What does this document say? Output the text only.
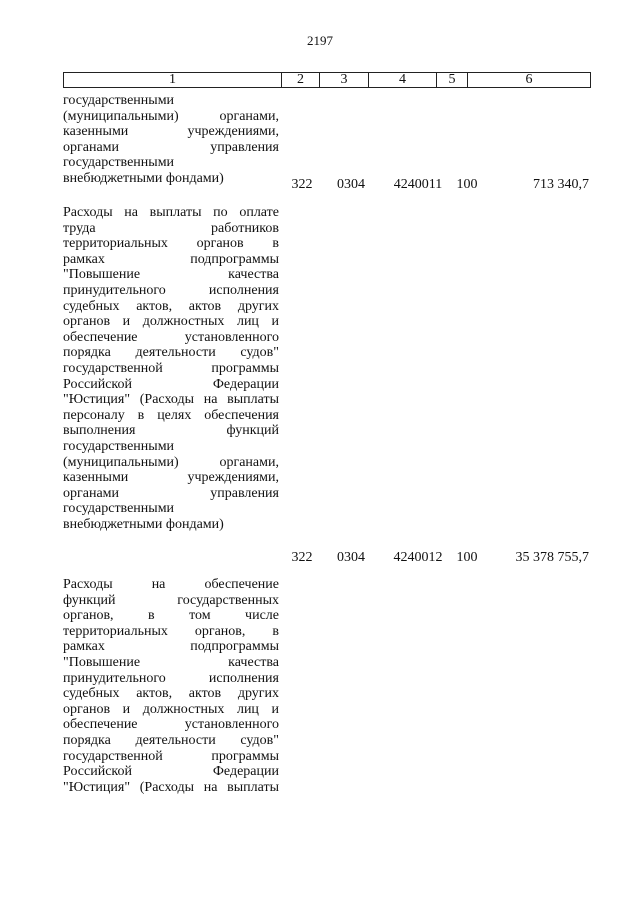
2197
1	2	3	4	5	6
государственными
(муниципальными) органами,
казенными учреждениями,
органами управления
государственными
внебюджетными фондами)	322	0304	4240011	100	713 340,7
Расходы на выплаты по оплате
труда работников
территориальных органов в
рамках подпрограммы
"Повышение качества
принудительного исполнения
судебных актов, актов других
органов и должностных лиц и
обеспечение установленного
порядка деятельности судов"
государственной программы
Российской Федерации
"Юстиция" (Расходы на выплаты
персоналу в целях обеспечения
выполнения функций
государственными
(муниципальными) органами,
казенными учреждениями,
органами управления
государственными
внебюджетными фондами)
322	0304	4240012	100	35 378 755,7
Расходы на обеспечение
функций государственных
органов, в том числе
территориальных органов, в
рамках подпрограммы
"Повышение качества
принудительного исполнения
судебных актов, актов других
органов и должностных лиц и
обеспечение установленного
порядка деятельности судов"
государственной программы
Российской Федерации
"Юстиция" (Расходы на выплаты
